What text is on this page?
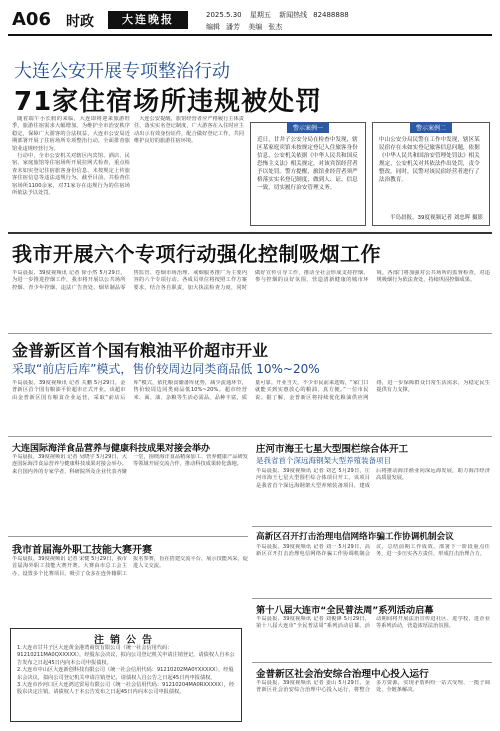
A06 时政	大连晚报	2025.5.30 星期五 新闻热线 82488888
编辑 潘芳 美编 张杰
大连公安开展专项整治行动
71家住宿场所违规被处罚

随着端午小长假的来临，大连即将迎来旅游旺季，旅游住宿需求大幅增加。为维护全市治安秩序稳定，保障广大游客的合法权益，大连市公安局近期部署开展了住宿场所专项整治行动，全面排查旅馆业违规经营行为。

行动中，全市公安机关对辖区内宾馆、酒店、民宿、家庭旅馆等住宿场所开展拉网式检查，重点检查未如实登记住宿旅客身份信息、未按规定上传旅客住宿信息等违法违规行为。截至目前，共检查住宿场所1100余家，对71家存在违规行为的住宿场所依法予以处罚。

大连公安提醒，旅馆经营者应严格履行主体责任，落实实名登记制度，广大游客在入住时应主动出示有效身份证件，配合做好登记工作，共同维护良好的旅游住宿环境。

警示案例一
近日，甘井子公安分局在检查中发现，辖区某家庭宾馆未按规定登记入住旅客身份信息，公安机关依据《中华人民共和国反恐怖主义法》相关规定，对该宾馆经营者予以处罚。警方提醒，旅馆业经营者须严格落实实名登记制度，做到人、证、信息一致，切实履行治安管理义务。
警示案例二
中山公安分局民警在工作中发现，辖区某民宿存在未如实登记旅客信息问题，依据《中华人民共和国治安管理处罚法》相关规定，公安机关对其依法作出处罚，责令整改。同时，民警对该民宿经营者进行了法治教育。
半岛晨报、39度视频记者 刘忠晖 摄影
我市开展六个专项行动强化控制吸烟工作
半岛晨报、39度视频讯 记者 徐小然 5月29日，为进一步推进控烟工作，我市将开展以公共场所控烟、青少年控烟、违法广告查处、烟草制品零售监管、卷烟市场治理、戒烟服务推广为主要内容的六个专项行动。各成员单位将按照工作方案要求，结合各自职责，加大执法检查力度，同时做好宣传引导工作，推动全社会形成支持控烟、参与控烟的良好氛围，营造清新健康的城市环境。各部门将加强对公共场所的监督检查，对违规吸烟行为依法查处，持续巩固控烟成果。
金普新区首个国有粮油平价超市开业
采取“前店后库”模式，售价较周边同类商品低 10%~20%
半岛晨报、39度视频讯 记者 关鹏 5月29日，金普新区首个国有粮油平价超市正式开业。该超市由金普新区国有粮食企业运营，采取“前店后库”模式，依托粮食储备库优势，减少流通环节，售价较周边同类商品低10%~20%。超市经营米、面、油、杂粮等生活必需品，品种丰富，质量可靠。开业当天，不少市民前来选购，“家门口就能买到实惠放心的粮油，真方便。”一位市民说。据了解，金普新区将持续优化粮油供应网络，进一步保障群众日常生活需求，为稳定民生提供有力支撑。
大连国际海洋食品营养与健康科技成果对接会举办
半岛晨报、39度视频讯 记者 吴晓宇 5月29日，大连国际海洋食品营养与健康科技成果对接会举办。来自国内外的专家学者、科研院所及企业代表齐聚一堂，围绕海洋食品精深加工、营养健康产品研发等领域开展交流合作，推动科技成果转化落地。
我市首届海外职工技能大赛开赛
半岛晨报、39度视频讯 记者 宋健 5月29日，我市首届海外职工技能大赛开赛。大赛由市总工会主办，设置多个比赛项目，吸引了众多在连外籍职工报名参赛，旨在搭建交流平台，展示技能风采，促进人文交流。
注销公告

1.大连市甘井子区大连黄金港湾商贸有限公司（统一社会信用代码：91210211MA0QXXXXX），经股东会决议，拟向公司登记机关申请注销登记，请债权人自本公告发布之日起45日内向本公司申报债权。

2.大连市中山区大连新创科技有限公司（统一社会信用代码：91210202MA0YXXXXX），经股东会决议，拟向公司登记机关申请注销登记，请债权人自公告之日起45日内申报债权。

3.大连市沙河口区大连鸿达贸易有限公司（统一社会信用代码：91210204MA0RXXXXX），经股东决定注销，请债权人于本公告发布之日起45日内向本公司申报债权。

庄河市海王七星大型围栏综合体开工
是我省首个深远海钢架大型养殖装备项目
半岛晨报、39度视频讯 记者 刘艺 5月29日，庄河市海王七星大型围栏综合体项目开工。该项目是我省首个深远海钢架大型养殖装备项目，建成后将推动海洋渔业向深远海发展，助力海洋经济高质量发展。
高新区召开打击治理电信网络诈骗工作协调机制会议
半岛晨报、39度视频讯 记者 刘一 5月29日，高新区召开打击治理电信网络诈骗工作协调机制会议，总结前期工作成效，部署下一阶段重点任务，进一步压实各方责任，形成打击治理合力。
第十八届大连市“全民普法周”系列活动启幕
半岛晨报、39度视频讯 记者 刘俊锋 5月29日，第十八届大连市“全民普法周”系列活动启幕。活动期间将开展法治宣传进社区、进学校、进企业等系列活动，营造浓厚法治氛围。
金普新区社会治安综合治理中心投入运行
半岛晨报、39度视频讯 记者 姜山 5月29日，金普新区社会治安综合治理中心投入运行，将整合多方资源，实现矛盾纠纷一站式受理、一揽子调处、全链条解决。
